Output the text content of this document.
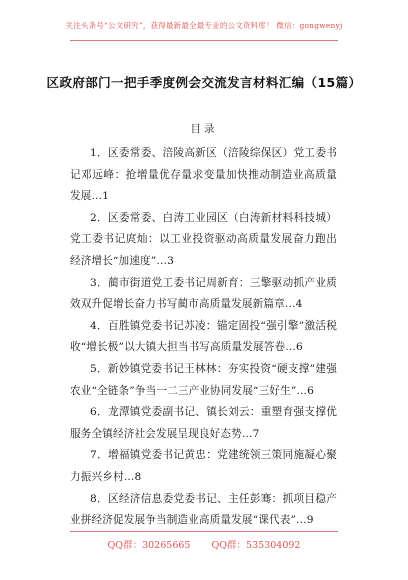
关注头条号“公文研究”，获得最新最全最专业的公文资料库！ 微信：gongwenyj
区政府部门一把手季度例会交流发言材料汇编（15篇）
目录
1．区委常委、涪陵高新区（涪陵综保区）党工委书记邓远峰：抢增量优存量求变量加快推动制造业高质量发展…1
2．区委常委、白涛工业园区（白涛新材料科技城）党工委书记庹灿：以工业投资驱动高质量发展奋力跑出经济增长“加速度”…3
3．蔺市街道党工委书记周新育：三擎驱动抓产业质效双升促增长奋力书写蔺市高质量发展新篇章…4
4．百胜镇党委书记苏凌：锚定固投“强引擎”激活税收“增长极”以大镇大担当书写高质量发展答卷…6
5．新妙镇党委书记王林林：夯实投资“硬支撑”建强农业“全链条”争当一二三产业协同发展“三好生”…6
6．龙潭镇党委副书记、镇长刘云：重塑育强支撑优服务全镇经济社会发展呈现良好态势…7
7．增福镇党委书记黄忠：党建统领三策同施凝心聚力振兴乡村…8
8．区经济信息委党委书记、主任彭骞：抓项目稳产业拼经济促发展争当制造业高质量发展“课代表”…9
QQ群：30265665 QQ群：535304092
